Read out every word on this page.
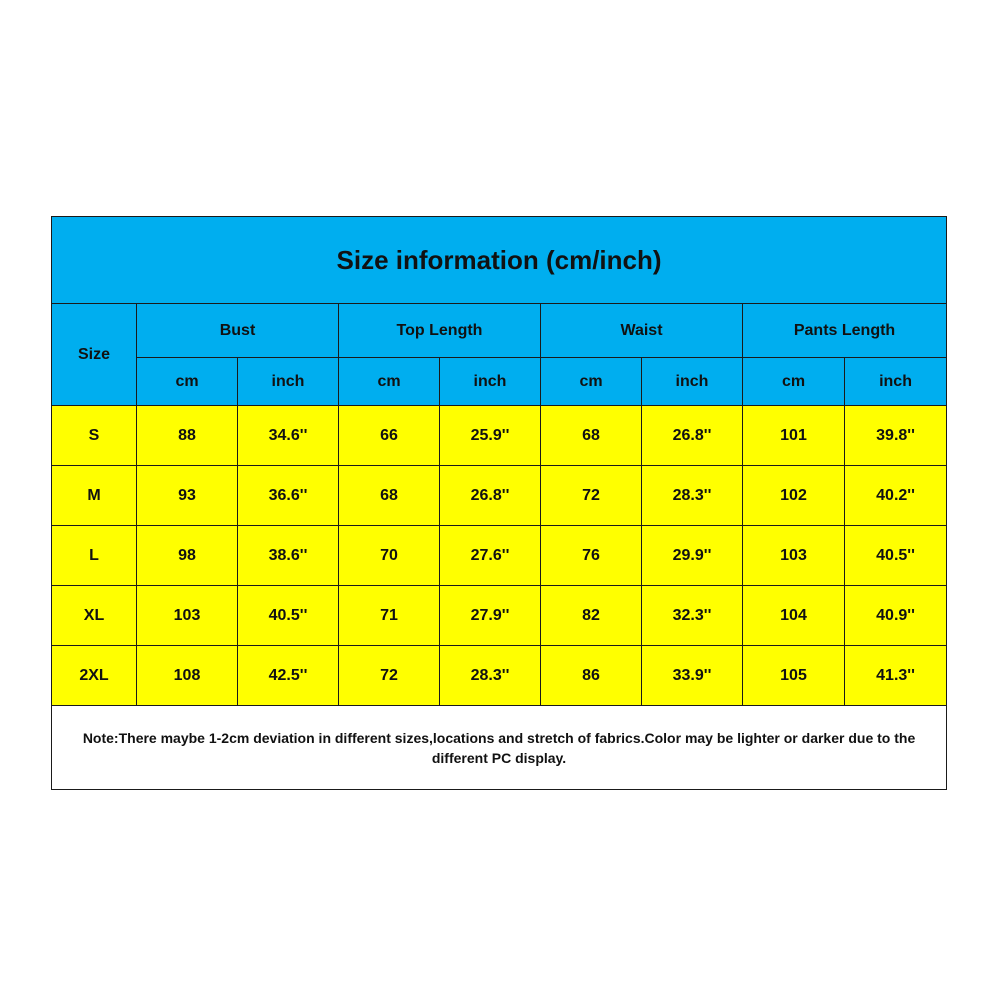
Size information (cm/inch)								
Size	Bust		Top Length		Waist		Pants Length	
	cm	inch	cm	inch	cm	inch	cm	inch
S	88	34.6''	66	25.9''	68	26.8''	101	39.8''
M	93	36.6''	68	26.8''	72	28.3''	102	40.2''
L	98	38.6''	70	27.6''	76	29.9''	103	40.5''
XL	103	40.5''	71	27.9''	82	32.3''	104	40.9''
2XL	108	42.5''	72	28.3''	86	33.9''	105	41.3''
Note:There maybe 1-2cm deviation in different sizes,locations and stretch of fabrics.Color may be lighter or darker due to the different PC display.								
